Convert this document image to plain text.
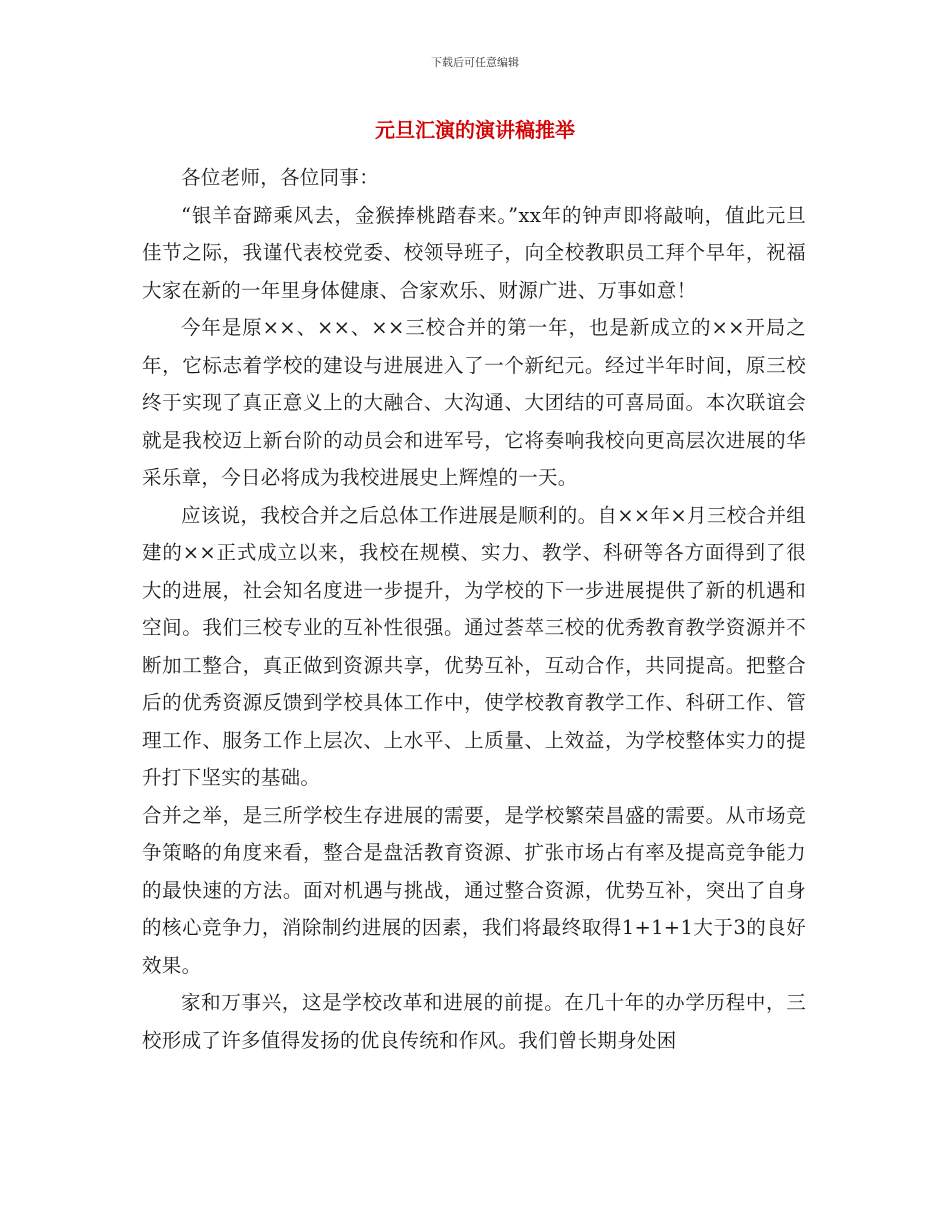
下载后可任意编辑
元旦汇演的演讲稿推举

各位老师，各位同事：

“银羊奋蹄乘风去，金猴捧桃踏春来。”xx年的钟声即将敲响，值此元旦佳节之际，我谨代表校党委、校领导班子，向全校教职员工拜个早年，祝福大家在新的一年里身体健康、合家欢乐、财源广进、万事如意！

今年是原××、××、××三校合并的第一年，也是新成立的××开局之年，它标志着学校的建设与进展进入了一个新纪元。经过半年时间，原三校终于实现了真正意义上的大融合、大沟通、大团结的可喜局面。本次联谊会就是我校迈上新台阶的动员会和进军号，它将奏响我校向更高层次进展的华采乐章，今日必将成为我校进展史上辉煌的一天。

应该说，我校合并之后总体工作进展是顺利的。自××年×月三校合并组建的××正式成立以来，我校在规模、实力、教学、科研等各方面得到了很大的进展，社会知名度进一步提升，为学校的下一步进展提供了新的机遇和空间。我们三校专业的互补性很强。通过荟萃三校的优秀教育教学资源并不断加工整合，真正做到资源共享，优势互补，互动合作，共同提高。把整合后的优秀资源反馈到学校具体工作中，使学校教育教学工作、科研工作、管理工作、服务工作上层次、上水平、上质量、上效益，为学校整体实力的提升打下坚实的基础。

合并之举，是三所学校生存进展的需要，是学校繁荣昌盛的需要。从市场竞争策略的角度来看，整合是盘活教育资源、扩张市场占有率及提高竞争能力的最快速的方法。面对机遇与挑战，通过整合资源，优势互补，突出了自身的核心竞争力，消除制约进展的因素，我们将最终取得1+1+1大于3的良好效果。

家和万事兴，这是学校改革和进展的前提。在几十年的办学历程中，三校形成了许多值得发扬的优良传统和作风。我们曾长期身处困
